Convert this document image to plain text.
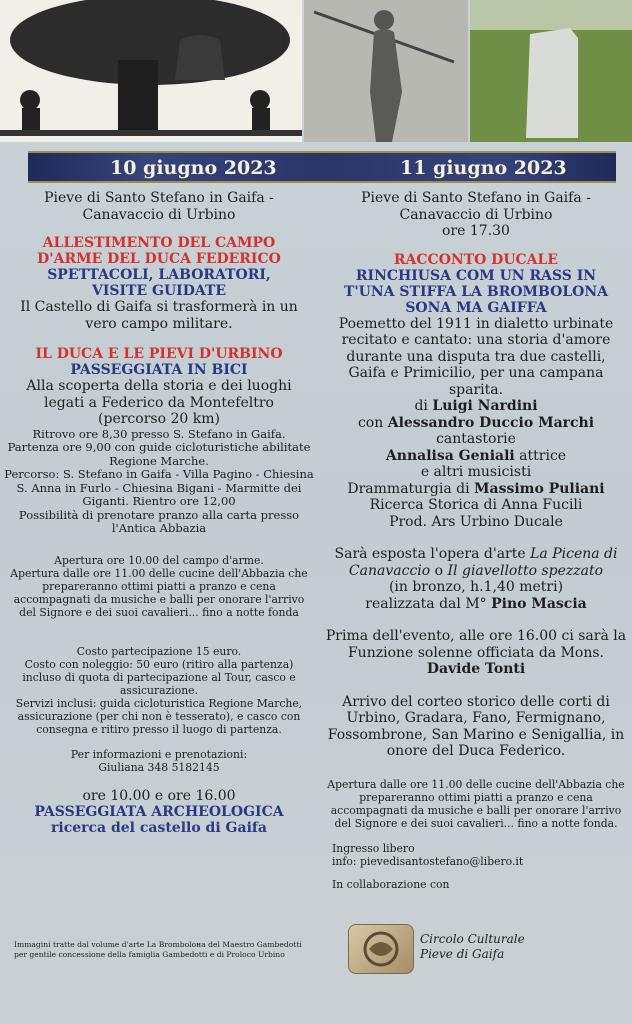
10 giugno 2023	11 giugno 2023
Pieve di Santo Stefano in Gaifa -
Canavaccio di Urbino
ALLESTIMENTO DEL CAMPO
D'ARME DEL DUCA FEDERICO
SPETTACOLI, LABORATORI,
VISITE GUIDATE
Il Castello di Gaifa si trasformerà in un
vero campo militare.
IL DUCA E LE PIEVI D'URBINO
PASSEGGIATA IN BICI
Alla scoperta della storia e dei luoghi
legati a Federico da Montefeltro
(percorso 20 km)
Ritrovo ore 8,30 presso S. Stefano in Gaifa.
Partenza ore 9,00 con guide cicloturistiche abilitate
Regione Marche.
Percorso: S. Stefano in Gaifa - Villa Pagino - Chiesina
S. Anna in Furlo - Chiesina Bigani - Marmitte dei
Giganti. Rientro ore 12,00
Possibilità di prenotare pranzo alla carta presso
l'Antica Abbazia
Apertura ore 10.00 del campo d'arme.
Apertura dalle ore 11.00 delle cucine dell'Abbazia che
prepareranno ottimi piatti a pranzo e cena
accompagnati da musiche e balli per onorare l'arrivo
del Signore e dei suoi cavalieri... fino a notte fonda
Costo partecipazione 15 euro.
Costo con noleggio: 50 euro (ritiro alla partenza)
incluso di quota di partecipazione al Tour, casco e
assicurazione.
Servizi inclusi: guida cicloturistica Regione Marche,
assicurazione (per chi non è tesserato), e casco con
consegna e ritiro presso il luogo di partenza.
Per informazioni e prenotazioni:
Giuliana 348 5182145
ore 10.00 e ore 16.00
PASSEGGIATA ARCHEOLOGICA
ricerca del castello di Gaifa
Immagini tratte dal volume d'arte La Bromboloна del Maestro Gambedotti
per gentile concessione della famiglia Gambedotti e di Proloco Urbino
Pieve di Santo Stefano in Gaifa -
Canavaccio di Urbino
ore 17.30
RACCONTO DUCALE
RINCHIUSA COM UN RASS IN
T'UNA STIFFA LA BROMBOLONA
SONA MA GAIFFA
Poemetto del 1911 in dialetto urbinate
recitato e cantato: una storia d'amore
durante una disputa tra due castelli,
Gaifa e Primicilio, per una campana
sparita.
di Luigi Nardini
con Alessandro Duccio Marchi
cantastorie
Annalisa Geniali attrice
e altri musicisti
Drammaturgia di Massimo Puliani
Ricerca Storica di Anna Fucili
Prod. Ars Urbino Ducale
Sarà esposta l'opera d'arte La Picena di
Canavaccio o Il giavellotto spezzato
(in bronzo, h.1,40 metri)
realizzata dal M° Pino Mascia
Prima dell'evento, alle ore 16.00 ci sarà la
Funzione solenne officiata da Mons.
Davide Tonti
Arrivo del corteo storico delle corti di
Urbino, Gradara, Fano, Fermignano,
Fossombrone, San Marino e Senigallia, in
onore del Duca Federico.
Apertura dalle ore 11.00 delle cucine dell'Abbazia che
prepareranno ottimi piatti a pranzo e cena
accompagnati da musiche e balli per onorare l'arrivo
del Signore e dei suoi cavalieri... fino a notte fonda.
Ingresso libero
info: pievedisantostefano@libero.it
In collaborazione con
Circolo Culturale
Pieve di Gaifa
